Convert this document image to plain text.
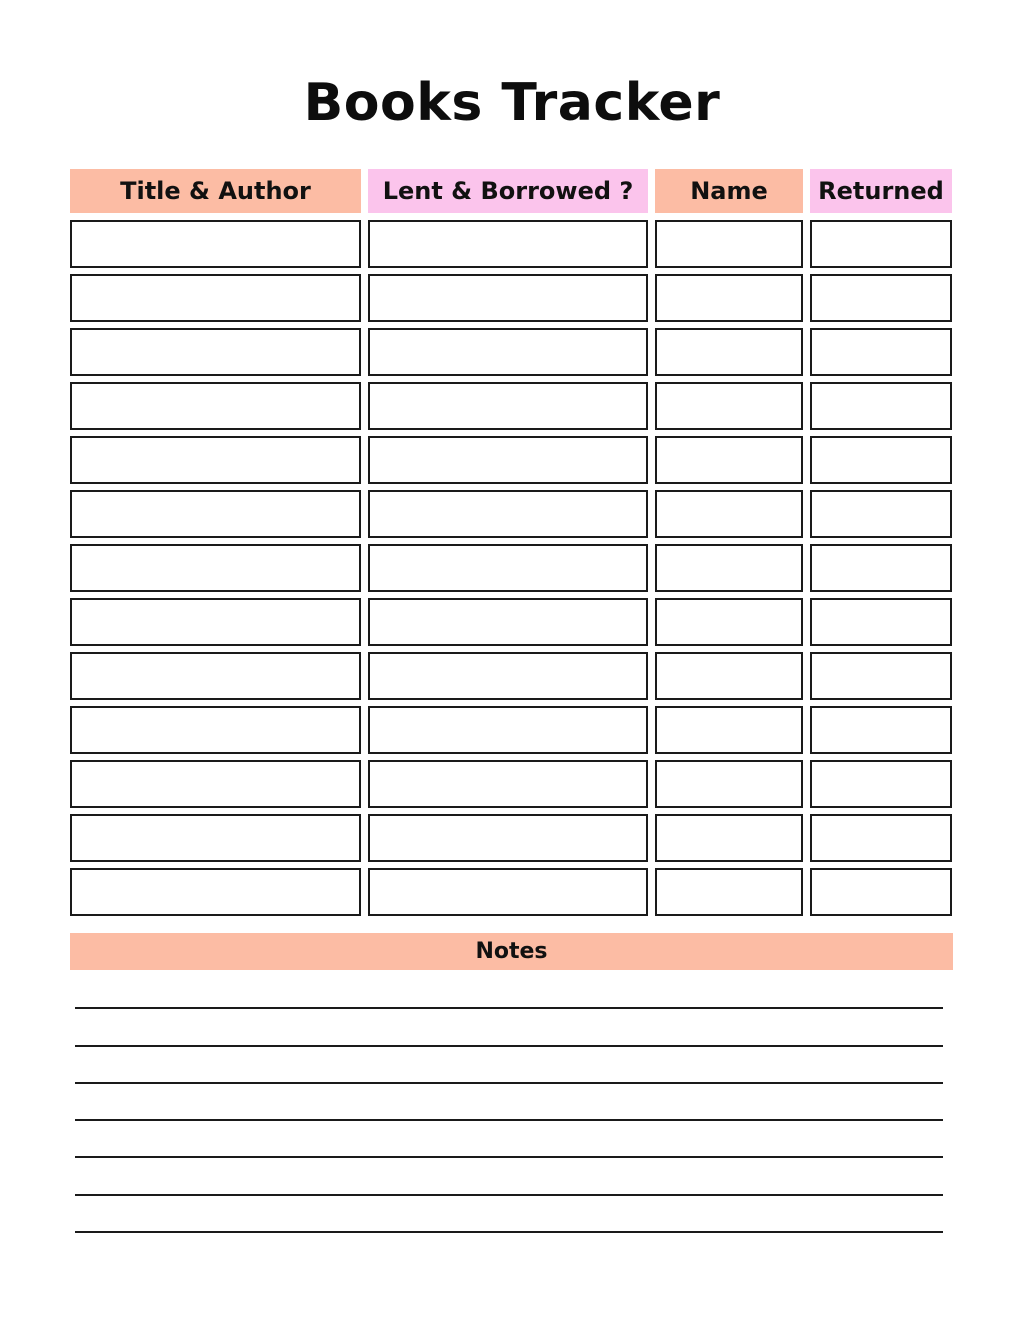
Books Tracker
Title & Author	Lent & Borrowed ?	Name	Returned
Notes
